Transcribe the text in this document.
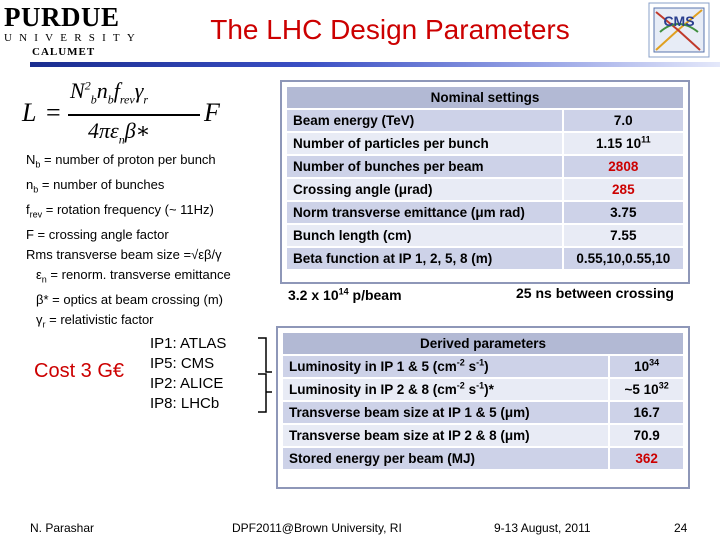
PURDUE
UNIVERSITY
CALUMET
The LHC Design Parameters	CMS
L =
$N^2_bn_bf_{rev}\gamma_r$
$4\pi\varepsilon_n\beta∗$
F
$N_b$ = number of proton per bunch
$n_b$ = number of bunches
$f_{rev}$ = rotation frequency (~ 11Hz)
F = crossing angle factor
Rms transverse beam size =√εβ/γ
$\varepsilon_n$ = renorm. transverse emittance
β* = optics at beam crossing (m)
$\gamma_r$ = relativistic factor
Cost 3 G€
IP1: ATLAS
IP5: CMS
IP2: ALICE
IP8: LHCb
Nominal settings	
Beam energy (TeV)	7.0
Number of particles per bunch	1.15 $10^{11}$
Number of bunches per beam	2808
Crossing angle (μrad)	285
Norm transverse emittance (μm rad)	3.75
Bunch length (cm)	7.55
Beta function at IP 1, 2, 5, 8 (m)	0.55,10,0.55,10
3.2 x $10^{14}$ p/beam	25 ns between crossing
Derived parameters	
Luminosity in IP 1 & 5 ($cm^{-2}$ $s^{-1}$)	$10^{34}$
Luminosity in IP 2 & 8 ($cm^{-2}$ $s^{-1})*$	~5 $10^{32}$
Transverse beam size at IP 1 & 5 (μm)	16.7
Transverse beam size at IP 2 & 8 (μm)	70.9
Stored energy per beam (MJ)	362
N. Parashar	DPF2011@Brown University, RI	9-13 August, 2011	24
